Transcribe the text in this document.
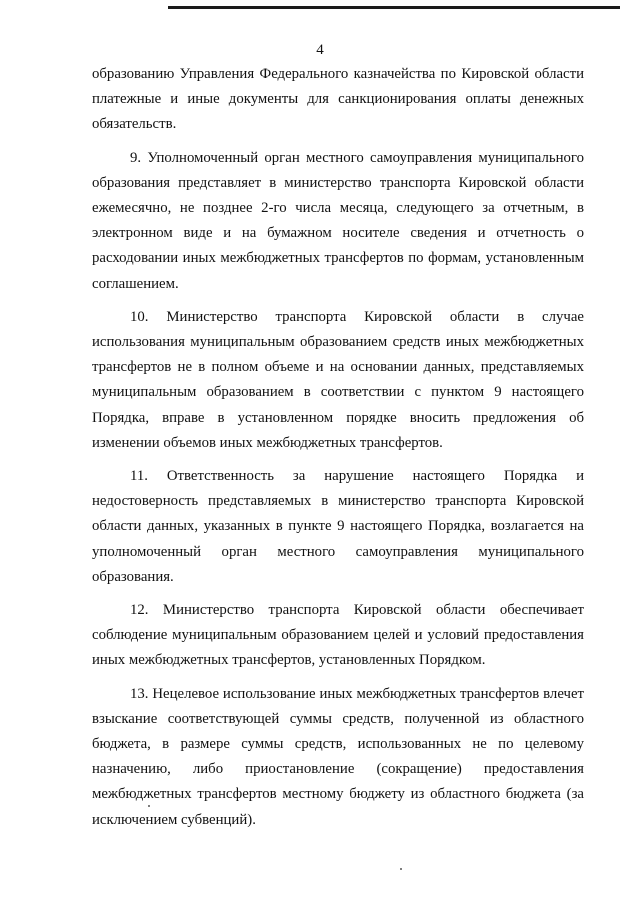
4

образованию Управления Федерального казначейства по Кировской области платежные и иные документы для санкционирования оплаты денежных обязательств.

9. Уполномоченный орган местного самоуправления муниципального образования представляет в министерство транспорта Кировской области ежемесячно, не позднее 2-го числа месяца, следующего за отчетным, в электронном виде и на бумажном носителе сведения и отчетность о расходовании иных межбюджетных трансфертов по формам, установленным соглашением.

10. Министерство транспорта Кировской области в случае использования муниципальным образованием средств иных межбюджетных трансфертов не в полном объеме и на основании данных, представляемых муниципальным образованием в соответствии с пунктом 9 настоящего Порядка, вправе в установленном порядке вносить предложения об изменении объемов иных межбюджетных трансфертов.

11. Ответственность за нарушение настоящего Порядка и недостоверность представляемых в министерство транспорта Кировской области данных, указанных в пункте 9 настоящего Порядка, возлагается на уполномоченный орган местного самоуправления муниципального образования.

12. Министерство транспорта Кировской области обеспечивает соблюдение муниципальным образованием целей и условий предоставления иных межбюджетных трансфертов, установленных Порядком.

13. Нецелевое использование иных межбюджетных трансфертов влечет взыскание соответствующей суммы средств, полученной из областного бюджета, в размере суммы средств, использованных не по целевому назначению, либо приостановление (сокращение) предоставления межбюджетных трансфертов местному бюджету из областного бюджета (за исключением субвенций).
